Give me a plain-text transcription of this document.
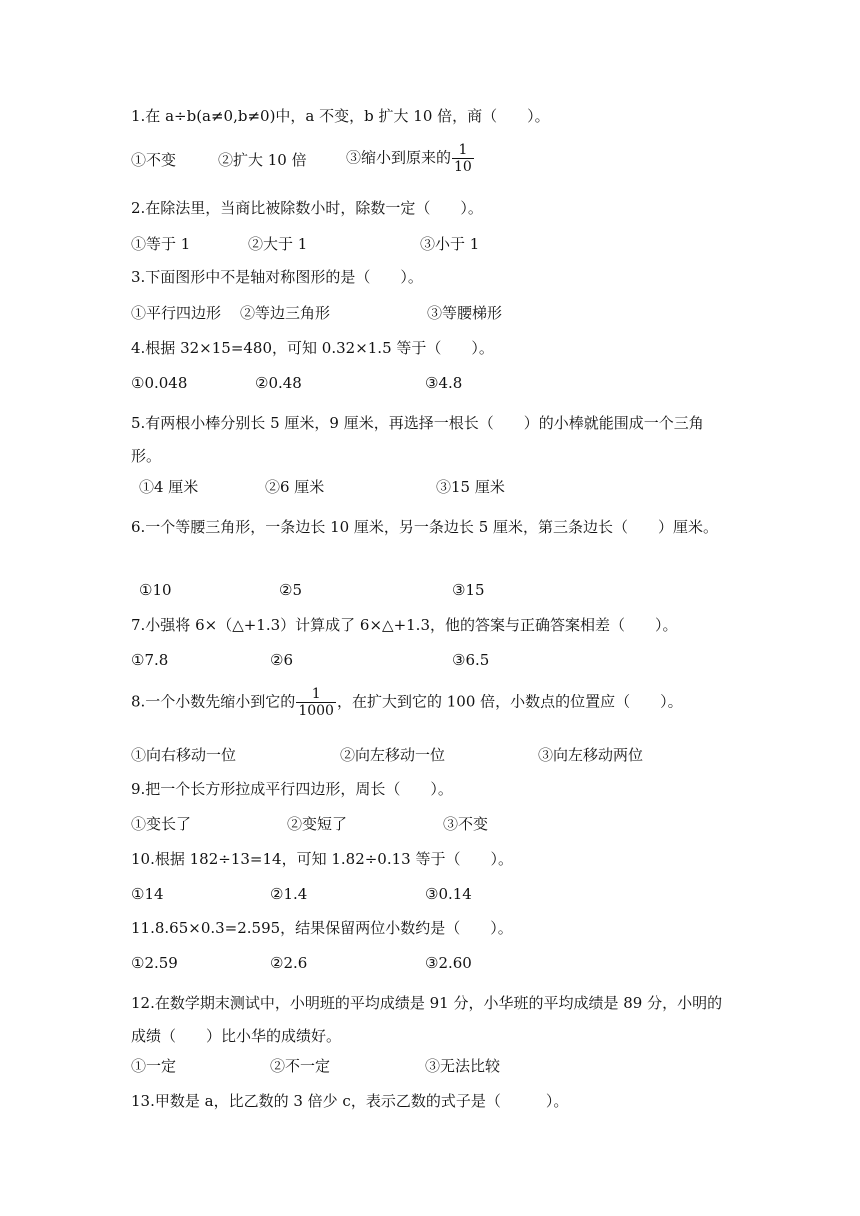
1.在 a÷b(a≠0,b≠0)中，a 不变，b 扩大 10 倍，商（　　）。
①不变	②扩大 10 倍	③缩小到原来的 $\frac{1}{10}$
2.在除法里，当商比被除数小时，除数一定（　　）。
①等于 1	②大于 1	③小于 1
3.下面图形中不是轴对称图形的是（　　）。
①平行四边形 ②等边三角形	③等腰梯形
4.根据 32×15=480，可知 0.32×1.5 等于（　　）。
①0.048	②0.48	③4.8
5.有两根小棒分别长 5 厘米，9 厘米，再选择一根长（　　）的小棒就能围成一个三角形。
①4 厘米	②6 厘米	③15 厘米
6.一个等腰三角形，一条边长 10 厘米，另一条边长 5 厘米，第三条边长（　　）厘米。
①10	②5	③15
7.小强将 6×（△+1.3）计算成了 6×△+1.3，他的答案与正确答案相差（　　）。
①7.8	②6	③6.5
8.一个小数先缩小到它的 $\frac{1}{1000}$ ，在扩大到它的 100 倍，小数点的位置应（　　）。
①向右移动一位	②向左移动一位	③向左移动两位
9.把一个长方形拉成平行四边形，周长（　　）。
①变长了	②变短了	③不变
10.根据 182÷13=14，可知 1.82÷0.13 等于（　　）。
①14	②1.4	③0.14
11.8.65×0.3=2.595，结果保留两位小数约是（　　）。
①2.59	②2.6	③2.60
12.在数学期末测试中，小明班的平均成绩是 91 分，小华班的平均成绩是 89 分，小明的成绩（　　）比小华的成绩好。
①一定	②不一定	③无法比较
13.甲数是 a，比乙数的 3 倍少 c，表示乙数的式子是（　　　）。
